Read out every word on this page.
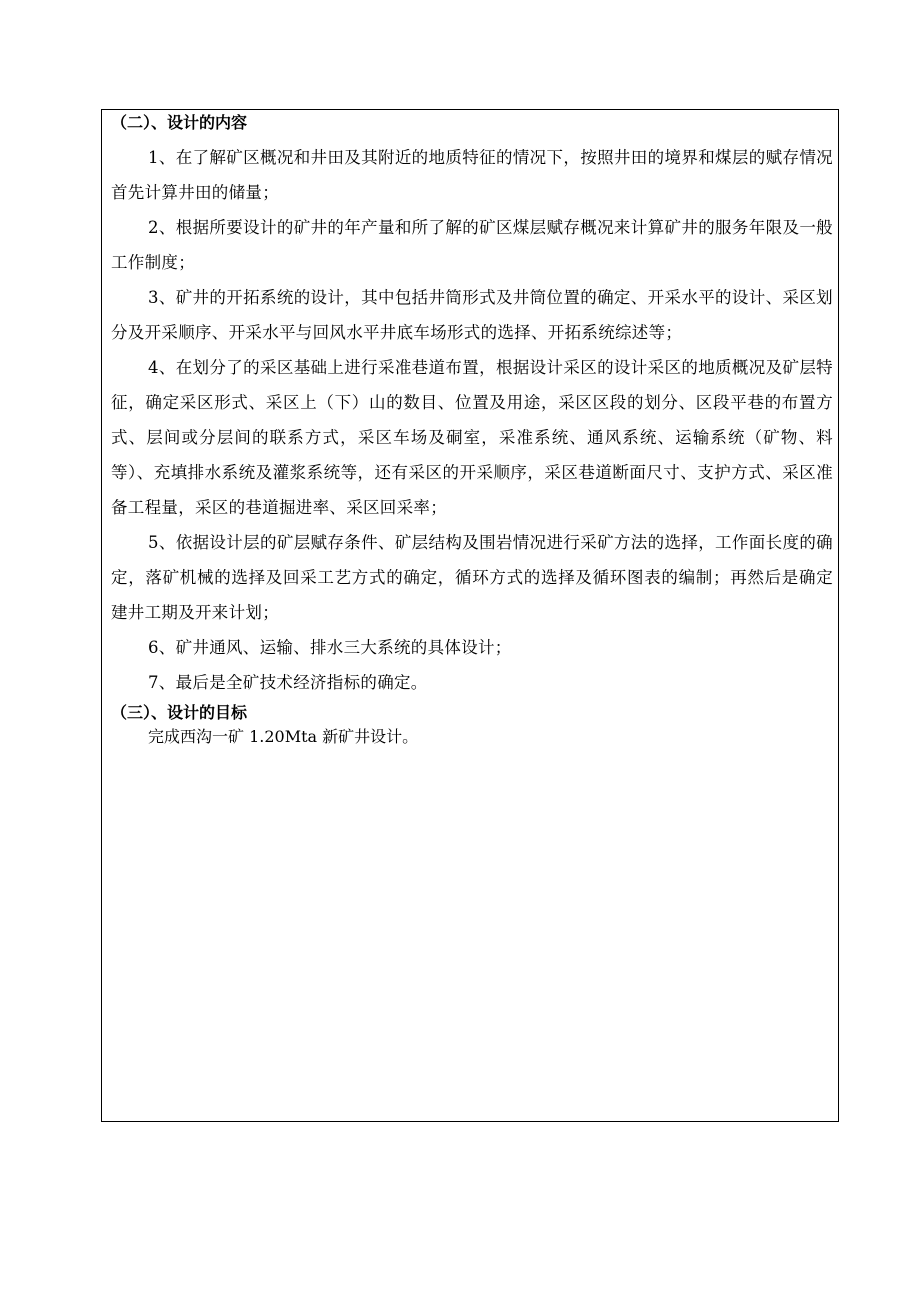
（二）、设计的内容

1、在了解矿区概况和井田及其附近的地质特征的情况下，按照井田的境界和煤层的赋存情况首先计算井田的储量；

2、根据所要设计的矿井的年产量和所了解的矿区煤层赋存概况来计算矿井的服务年限及一般工作制度；

3、矿井的开拓系统的设计，其中包括井筒形式及井筒位置的确定、开采水平的设计、采区划分及开采顺序、开采水平与回风水平井底车场形式的选择、开拓系统综述等；

4、在划分了的采区基础上进行采准巷道布置，根据设计采区的设计采区的地质概况及矿层特征，确定采区形式、采区上（下）山的数目、位置及用途，采区区段的划分、区段平巷的布置方式、层间或分层间的联系方式，采区车场及硐室，采准系统、通风系统、运输系统（矿物、料等）、充填排水系统及灌浆系统等，还有采区的开采顺序，采区巷道断面尺寸、支护方式、采区准备工程量，采区的巷道掘进率、采区回采率；

5、依据设计层的矿层赋存条件、矿层结构及围岩情况进行采矿方法的选择，工作面长度的确定，落矿机械的选择及回采工艺方式的确定，循环方式的选择及循环图表的编制；再然后是确定建井工期及开来计划；

6、矿井通风、运输、排水三大系统的具体设计；

7、最后是全矿技术经济指标的确定。

（三）、设计的目标

完成西沟一矿 1.20Mta 新矿井设计。
